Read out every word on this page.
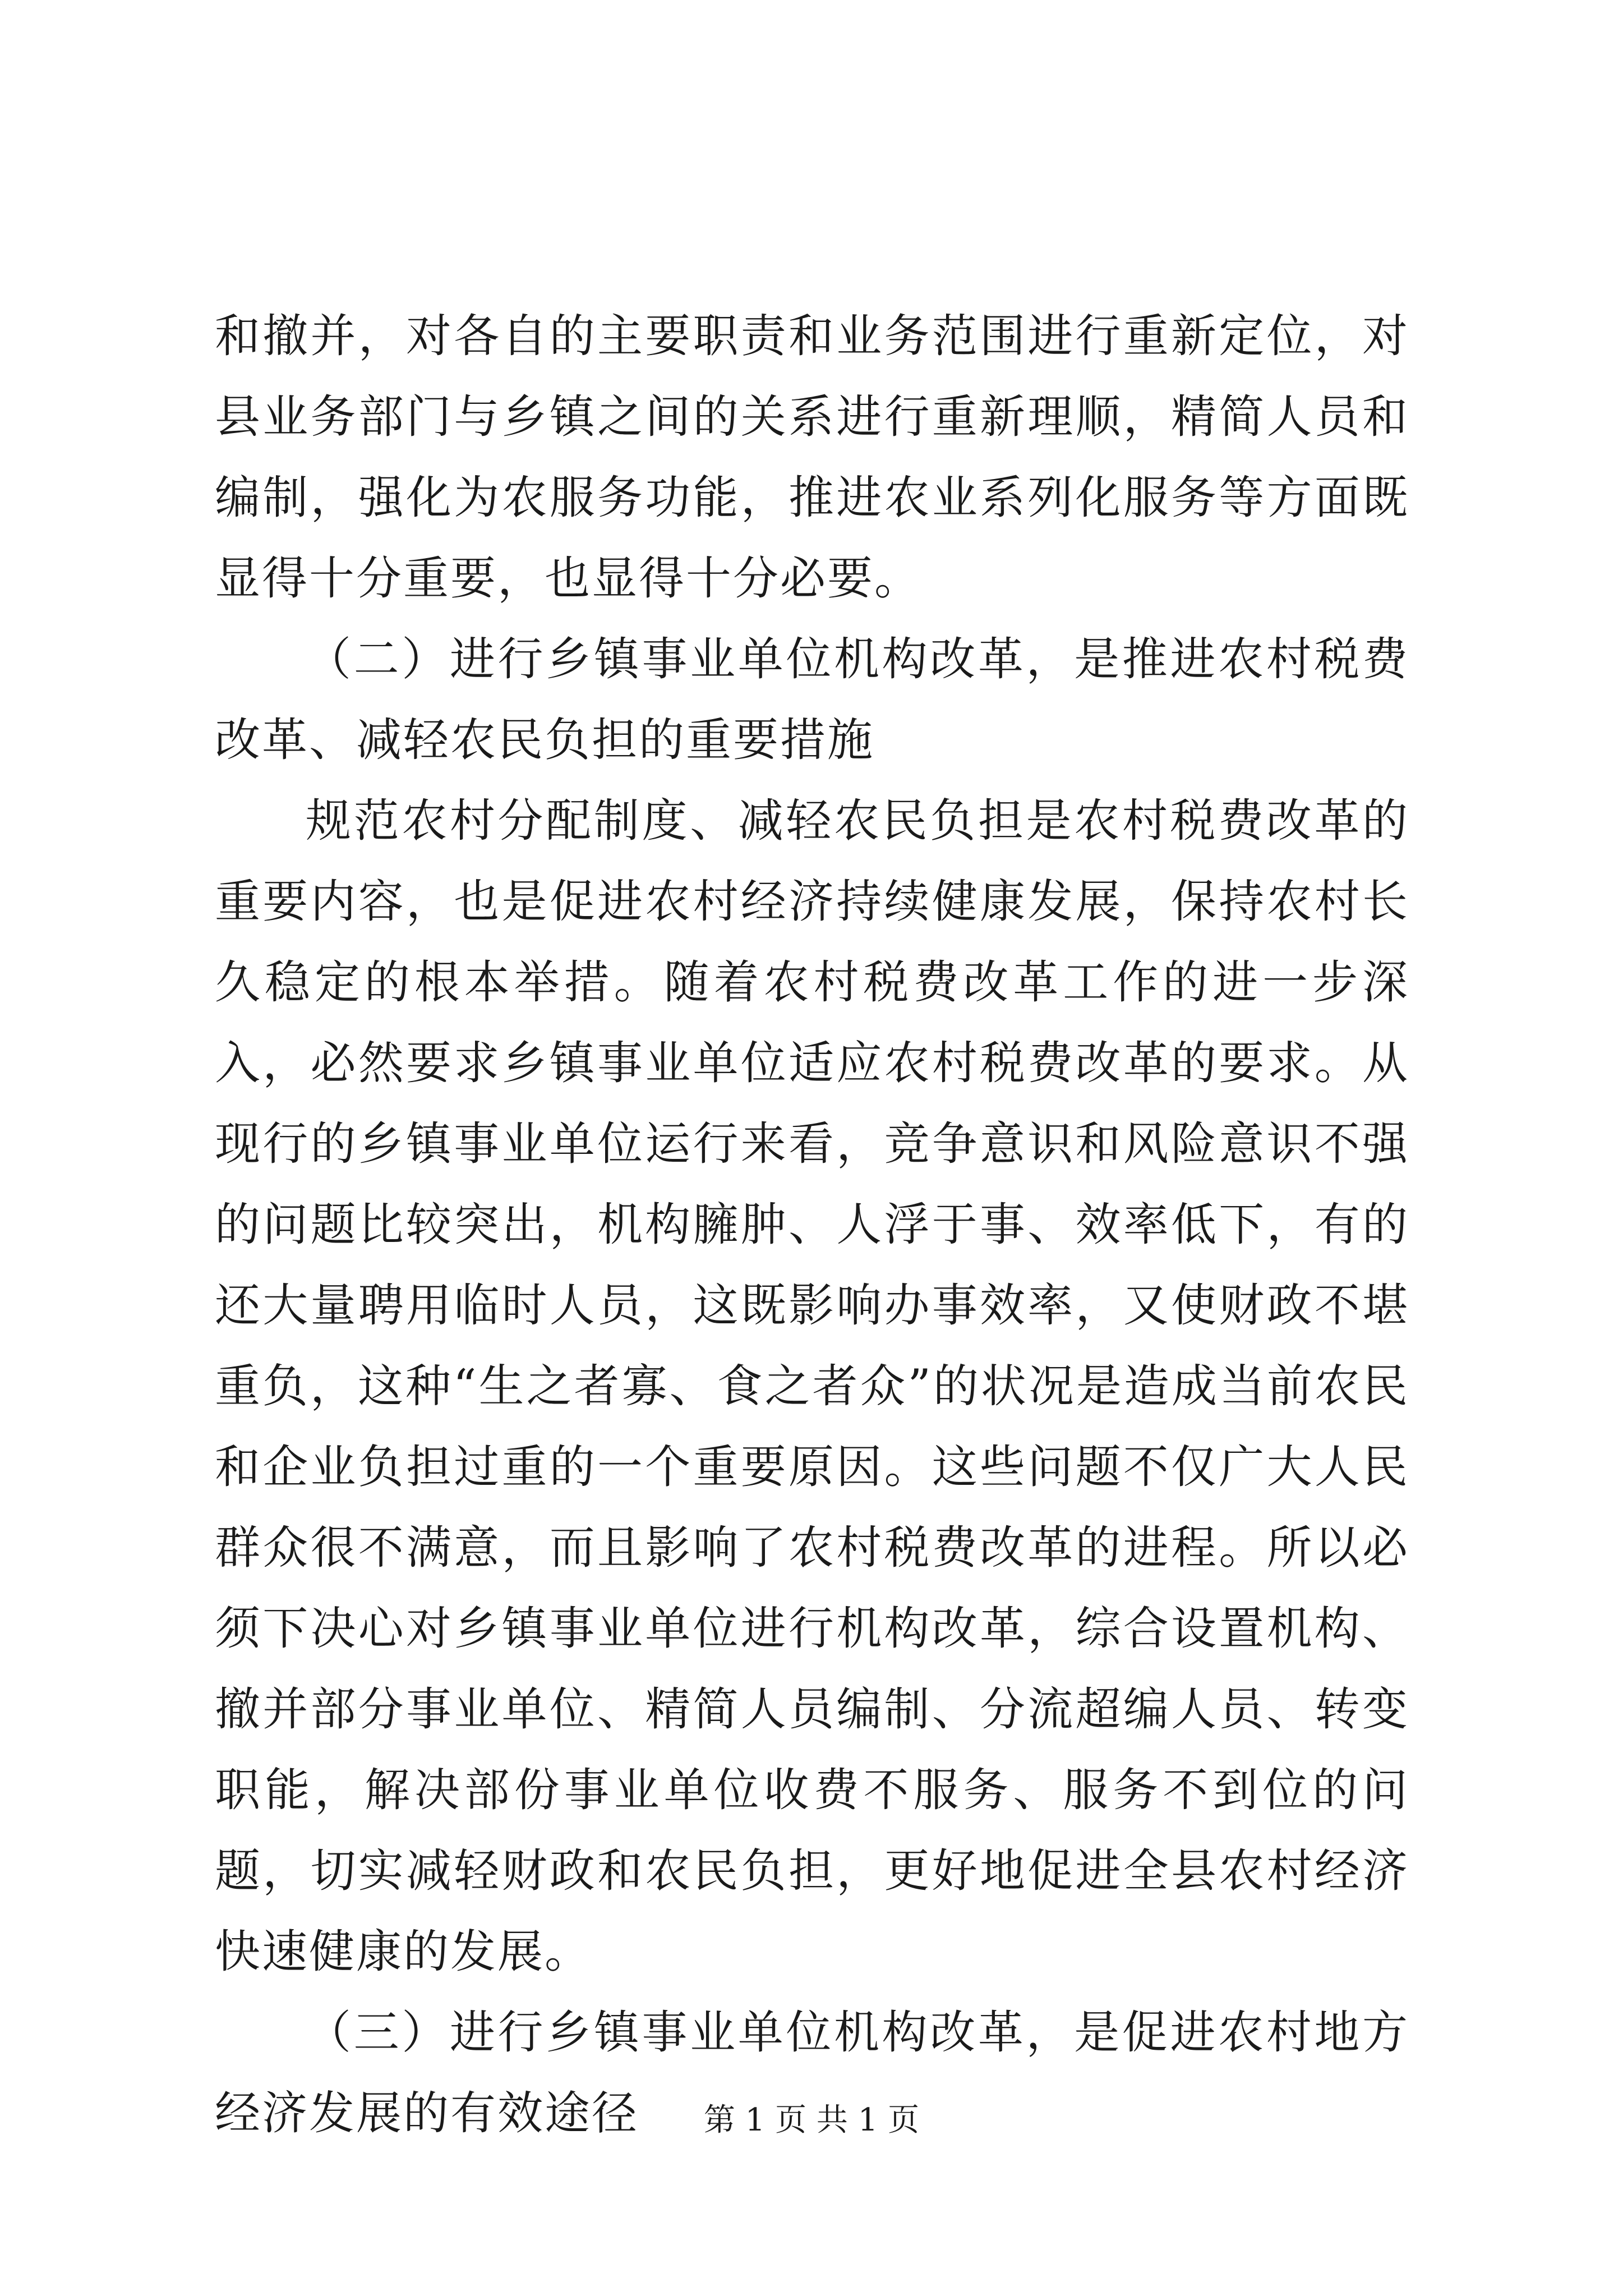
和撤并，对各自的主要职责和业务范围进行重新定位，对县业务部门与乡镇之间的关系进行重新理顺，精简人员和编制，强化为农服务功能，推进农业系列化服务等方面既显得十分重要，也显得十分必要。

（二）进行乡镇事业单位机构改革，是推进农村税费改革、减轻农民负担的重要措施

规范农村分配制度、减轻农民负担是农村税费改革的重要内容，也是促进农村经济持续健康发展，保持农村长久稳定的根本举措。随着农村税费改革工作的进一步深入，必然要求乡镇事业单位适应农村税费改革的要求。从现行的乡镇事业单位运行来看，竞争意识和风险意识不强的问题比较突出，机构臃肿、人浮于事、效率低下，有的还大量聘用临时人员，这既影响办事效率，又使财政不堪重负，这种“生之者寡、食之者众”的状况是造成当前农民和企业负担过重的一个重要原因。这些问题不仅广大人民群众很不满意，而且影响了农村税费改革的进程。所以必须下决心对乡镇事业单位进行机构改革，综合设置机构、撤并部分事业单位、精简人员编制、分流超编人员、转变职能，解决部份事业单位收费不服务、服务不到位的问题，切实减轻财政和农民负担，更好地促进全县农村经济快速健康的发展。

（三）进行乡镇事业单位机构改革，是促进农村地方经济发展的有效途径	第 1 页 共 1 页
